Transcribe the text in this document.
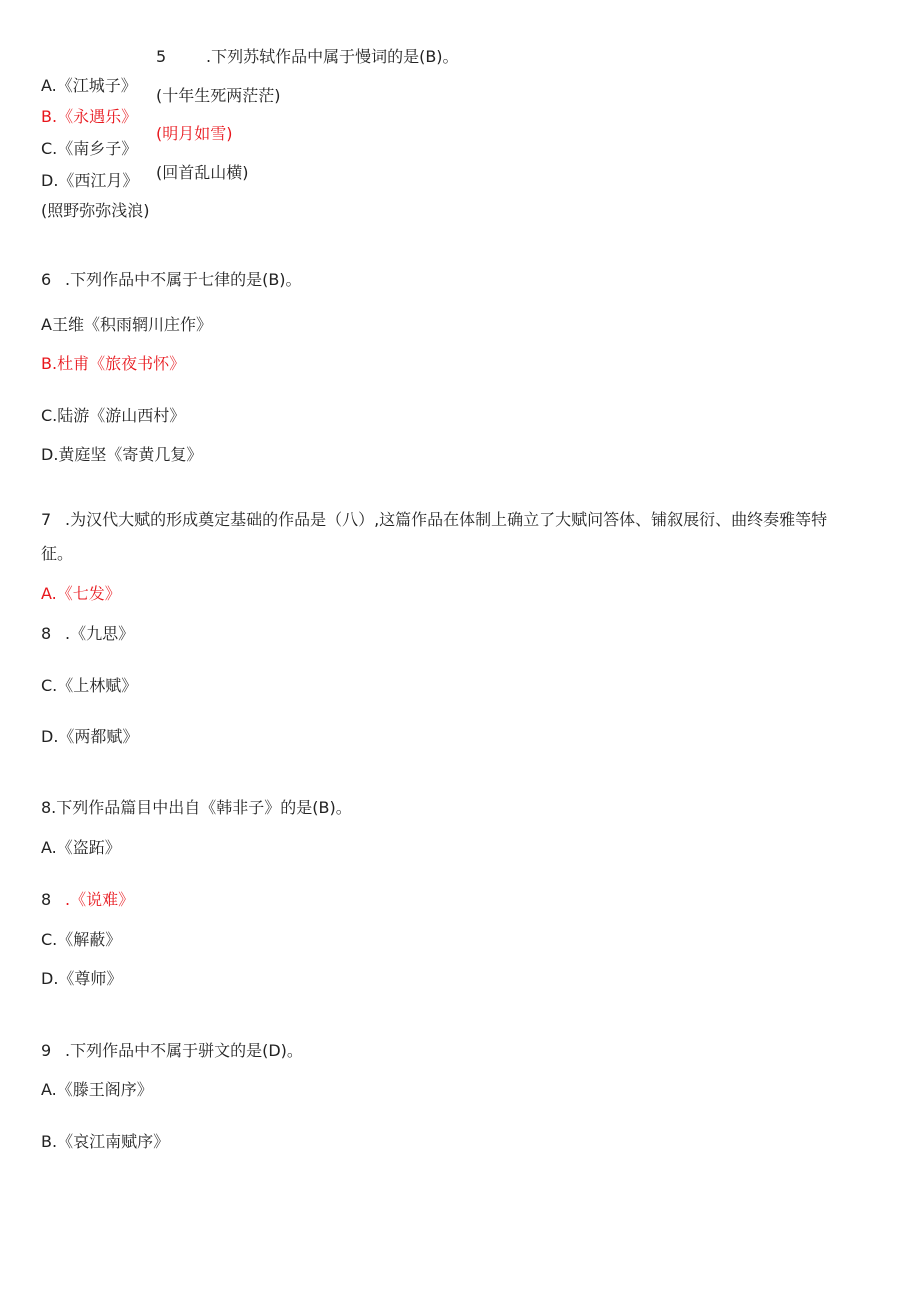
5 .下列苏轼作品中属于慢词的是(B)。
A.《江城子》
(十年生死两茫茫)
B.《永遇乐》
(明月如雪)
C.《南乡子》
(回首乱山横)
D.《西江月》
(照野弥弥浅浪)
6 .下列作品中不属于七律的是(B)。
A王维《积雨辋川庄作》
B.杜甫《旅夜书怀》
C.陆游《游山西村》
D.黄庭坚《寄黄几复》
7 .为汉代大赋的形成奠定基础的作品是（八）,这篇作品在体制上确立了大赋问答体、铺叙展衍、曲终奏雅等特
征。
A.《七发》
8 .《九思》
C.《上林赋》
D.《两都赋》
8.下列作品篇目中出自《韩非子》的是(B)。
A.《盗跖》
8 .《说难》
C.《解蔽》
D.《尊师》
9 .下列作品中不属于骈文的是(D)。
A.《滕王阁序》
B.《哀江南赋序》
